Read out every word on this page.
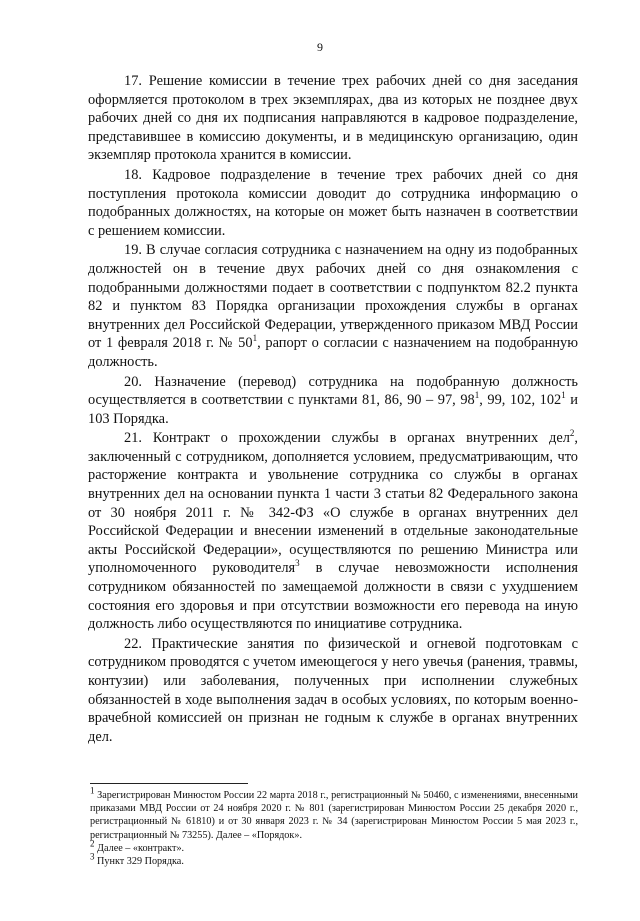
9

17. Решение комиссии в течение трех рабочих дней со дня заседания оформляется протоколом в трех экземплярах, два из которых не позднее двух рабочих дней со дня их подписания направляются в кадровое подразделение, представившее в комиссию документы, и в медицинскую организацию, один экземпляр протокола хранится в комиссии.

18. Кадровое подразделение в течение трех рабочих дней со дня поступления протокола комиссии доводит до сотрудника информацию о подобранных должностях, на которые он может быть назначен в соответствии с решением комиссии.

19. В случае согласия сотрудника с назначением на одну из подобранных должностей он в течение двух рабочих дней со дня ознакомления с подобранными должностями подает в соответствии с подпунктом 82.2 пункта 82 и пунктом 83 Порядка организации прохождения службы в органах внутренних дел Российской Федерации, утвержденного приказом МВД России от 1 февраля 2018 г. № $50^1$, рапорт о согласии с назначением на подобранную должность.

20. Назначение (перевод) сотрудника на подобранную должность осуществляется в соответствии с пунктами 81, 86, 90 – 97, $98^1$, 99, 102, $102^1$ и 103 Порядка.

21. Контракт о прохождении службы в органах внутренних дел$^2$, заключенный с сотрудником, дополняется условием, предусматривающим, что расторжение контракта и увольнение сотрудника со службы в органах внутренних дел на основании пункта 1 части 3 статьи 82 Федерального закона от 30 ноября 2011 г. № 342-ФЗ «О службе в органах внутренних дел Российской Федерации и внесении изменений в отдельные законодательные акты Российской Федерации», осуществляются по решению Министра или уполномоченного руководителя$^3$ в случае невозможности исполнения сотрудником обязанностей по замещаемой должности в связи с ухудшением состояния его здоровья и при отсутствии возможности его перевода на иную должность либо осуществляются по инициативе сотрудника.

22. Практические занятия по физической и огневой подготовкам с сотрудником проводятся с учетом имеющегося у него увечья (ранения, травмы, контузии) или заболевания, полученных при исполнении служебных обязанностей в ходе выполнения задач в особых условиях, по которым военно-врачебной комиссией он признан не годным к службе в органах внутренних дел.

$^1$ Зарегистрирован Минюстом России 22 марта 2018 г., регистрационный № 50460, с изменениями, внесенными приказами МВД России от 24 ноября 2020 г. № 801 (зарегистрирован Минюстом России 25 декабря 2020 г., регистрационный № 61810) и от 30 января 2023 г. № 34 (зарегистрирован Минюстом России 5 мая 2023 г., регистрационный № 73255). Далее – «Порядок».

$^2$ Далее – «контракт».

$^3$ Пункт 329 Порядка.
